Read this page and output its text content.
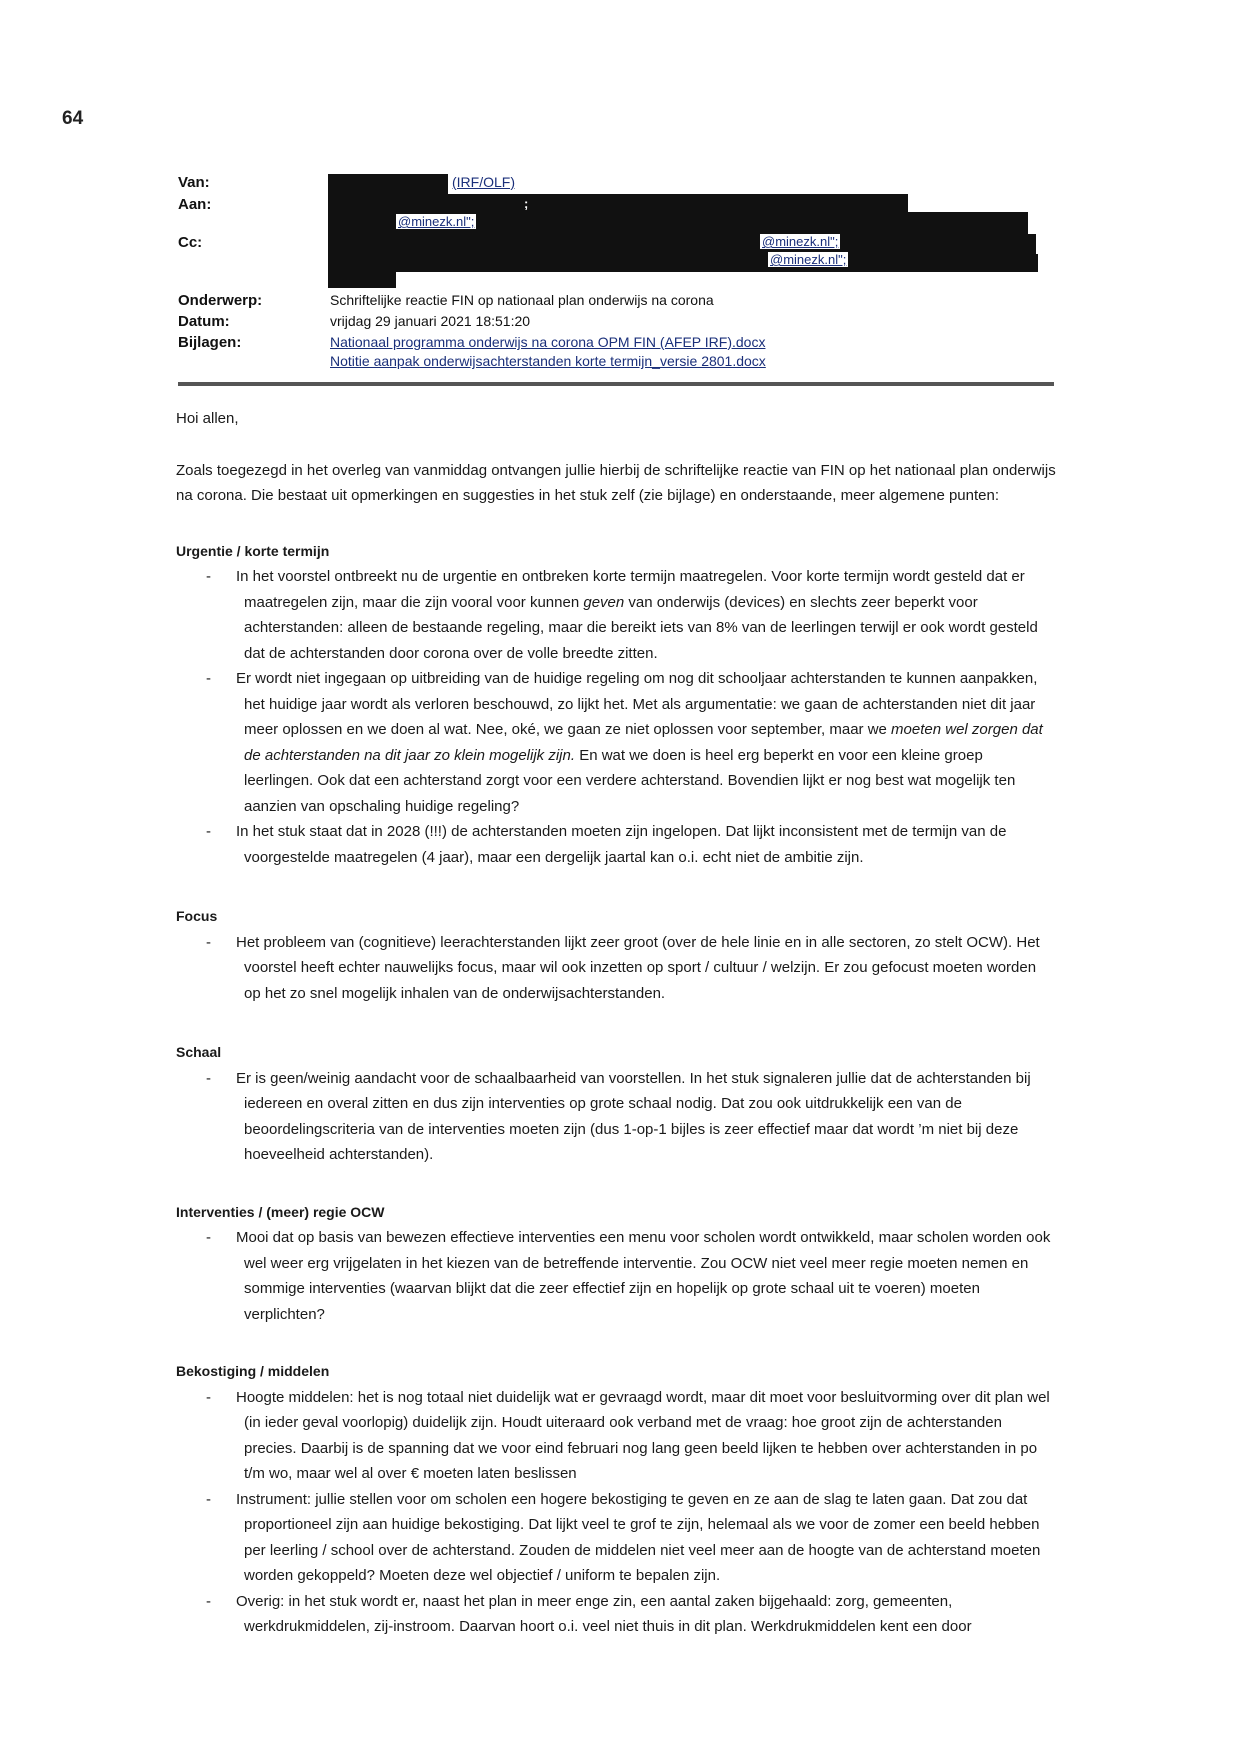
64
Van:
Aan:
Cc:
Onderwerp:
Datum:
Bijlagen:
(IRF/OLF)
;
@minezk.nl";
@minezk.nl";
@minezk.nl";
Schriftelijke reactie FIN op nationaal plan onderwijs na corona
vrijdag 29 januari 2021 18:51:20
Nationaal programma onderwijs na corona OPM FIN (AFEP IRF).docx
Notitie aanpak onderwijsachterstanden korte termijn_versie 2801.docx

Hoi allen,

Zoals toegezegd in het overleg van vanmiddag ontvangen jullie hierbij de schriftelijke reactie van FIN op het nationaal plan onderwijs na corona. Die bestaat uit opmerkingen en suggesties in het stuk zelf (zie bijlage) en onderstaande, meer algemene punten:

Urgentie / korte termijn

- In het voorstel ontbreekt nu de urgentie en ontbreken korte termijn maatregelen. Voor korte termijn wordt gesteld dat er maatregelen zijn, maar die zijn vooral voor kunnen geven van onderwijs (devices) en slechts zeer beperkt voor achterstanden: alleen de bestaande regeling, maar die bereikt iets van 8% van de leerlingen terwijl er ook wordt gesteld dat de achterstanden door corona over de volle breedte zitten.
- Er wordt niet ingegaan op uitbreiding van de huidige regeling om nog dit schooljaar achterstanden te kunnen aanpakken, het huidige jaar wordt als verloren beschouwd, zo lijkt het. Met als argumentatie: we gaan de achterstanden niet dit jaar meer oplossen en we doen al wat. Nee, oké, we gaan ze niet oplossen voor september, maar we moeten wel zorgen dat de achterstanden na dit jaar zo klein mogelijk zijn. En wat we doen is heel erg beperkt en voor een kleine groep leerlingen. Ook dat een achterstand zorgt voor een verdere achterstand. Bovendien lijkt er nog best wat mogelijk ten aanzien van opschaling huidige regeling?
- In het stuk staat dat in 2028 (!!!) de achterstanden moeten zijn ingelopen. Dat lijkt inconsistent met de termijn van de voorgestelde maatregelen (4 jaar), maar een dergelijk jaartal kan o.i. echt niet de ambitie zijn.

Focus

- Het probleem van (cognitieve) leerachterstanden lijkt zeer groot (over de hele linie en in alle sectoren, zo stelt OCW). Het voorstel heeft echter nauwelijks focus, maar wil ook inzetten op sport / cultuur / welzijn. Er zou gefocust moeten worden op het zo snel mogelijk inhalen van de onderwijsachterstanden.

Schaal

- Er is geen/weinig aandacht voor de schaalbaarheid van voorstellen. In het stuk signaleren jullie dat de achterstanden bij iedereen en overal zitten en dus zijn interventies op grote schaal nodig. Dat zou ook uitdrukkelijk een van de beoordelingscriteria van de interventies moeten zijn (dus 1-op-1 bijles is zeer effectief maar dat wordt ’m niet bij deze hoeveelheid achterstanden).

Interventies / (meer) regie OCW

- Mooi dat op basis van bewezen effectieve interventies een menu voor scholen wordt ontwikkeld, maar scholen worden ook wel weer erg vrijgelaten in het kiezen van de betreffende interventie. Zou OCW niet veel meer regie moeten nemen en sommige interventies (waarvan blijkt dat die zeer effectief zijn en hopelijk op grote schaal uit te voeren) moeten verplichten?

Bekostiging / middelen

- Hoogte middelen: het is nog totaal niet duidelijk wat er gevraagd wordt, maar dit moet voor besluitvorming over dit plan wel (in ieder geval voorlopig) duidelijk zijn. Houdt uiteraard ook verband met de vraag: hoe groot zijn de achterstanden precies. Daarbij is de spanning dat we voor eind februari nog lang geen beeld lijken te hebben over achterstanden in po t/m wo, maar wel al over € moeten laten beslissen
- Instrument: jullie stellen voor om scholen een hogere bekostiging te geven en ze aan de slag te laten gaan. Dat zou dat proportioneel zijn aan huidige bekostiging. Dat lijkt veel te grof te zijn, helemaal als we voor de zomer een beeld hebben per leerling / school over de achterstand. Zouden de middelen niet veel meer aan de hoogte van de achterstand moeten worden gekoppeld? Moeten deze wel objectief / uniform te bepalen zijn.
- Overig: in het stuk wordt er, naast het plan in meer enge zin, een aantal zaken bijgehaald: zorg, gemeenten, werkdrukmiddelen, zij-instroom. Daarvan hoort o.i. veel niet thuis in dit plan. Werkdrukmiddelen kent een door
